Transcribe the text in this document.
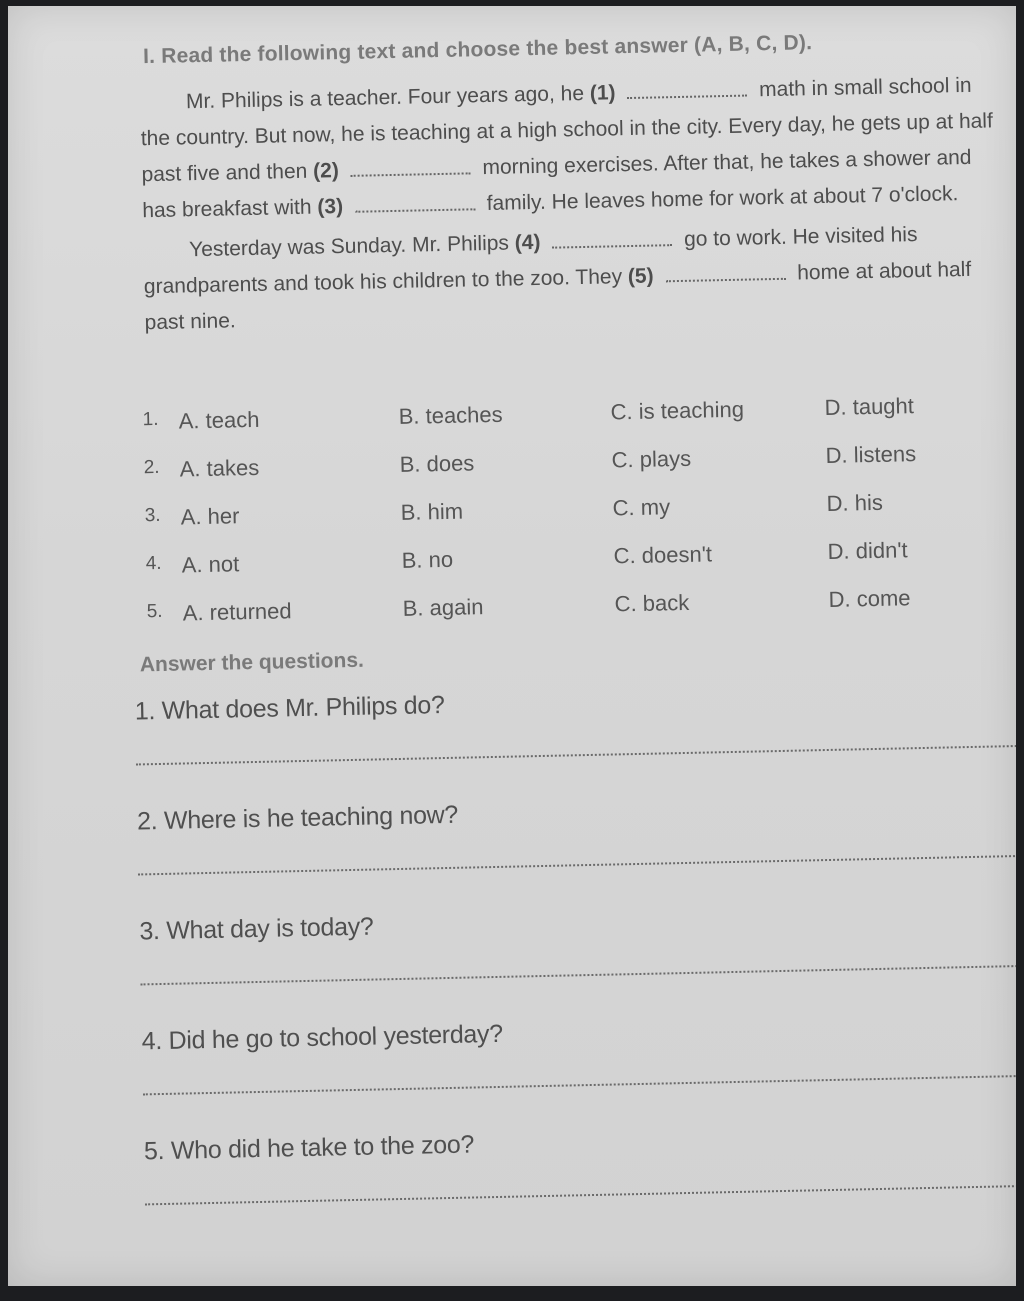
I. Read the following text and choose the best answer (A, B, C, D).

Mr. Philips is a teacher. Four years ago, he (1)	math in small school in the country. But now, he is teaching at a high school in the city. Every day, he gets up at half past five and then (2)	morning exercises. After that, he takes a shower and has breakfast with (3)	family. He leaves home for work at about 7 o'clock.

Yesterday was Sunday. Mr. Philips (4)	go to work. He visited his grandparents and took his children to the zoo. They (5)	home at about half past nine.

1. A. teach	B. teaches	C. is teaching	D. taught
2. A. takes	B. does	C. plays	D. listens
3. A. her	B. him	C. my	D. his
4. A. not	B. no	C. doesn't	D. didn't
5. A. returned	B. again	C. back	D. come
Answer the questions.
1. What does Mr. Philips do?
2. Where is he teaching now?
3. What day is today?
4. Did he go to school yesterday?
5. Who did he take to the zoo?
